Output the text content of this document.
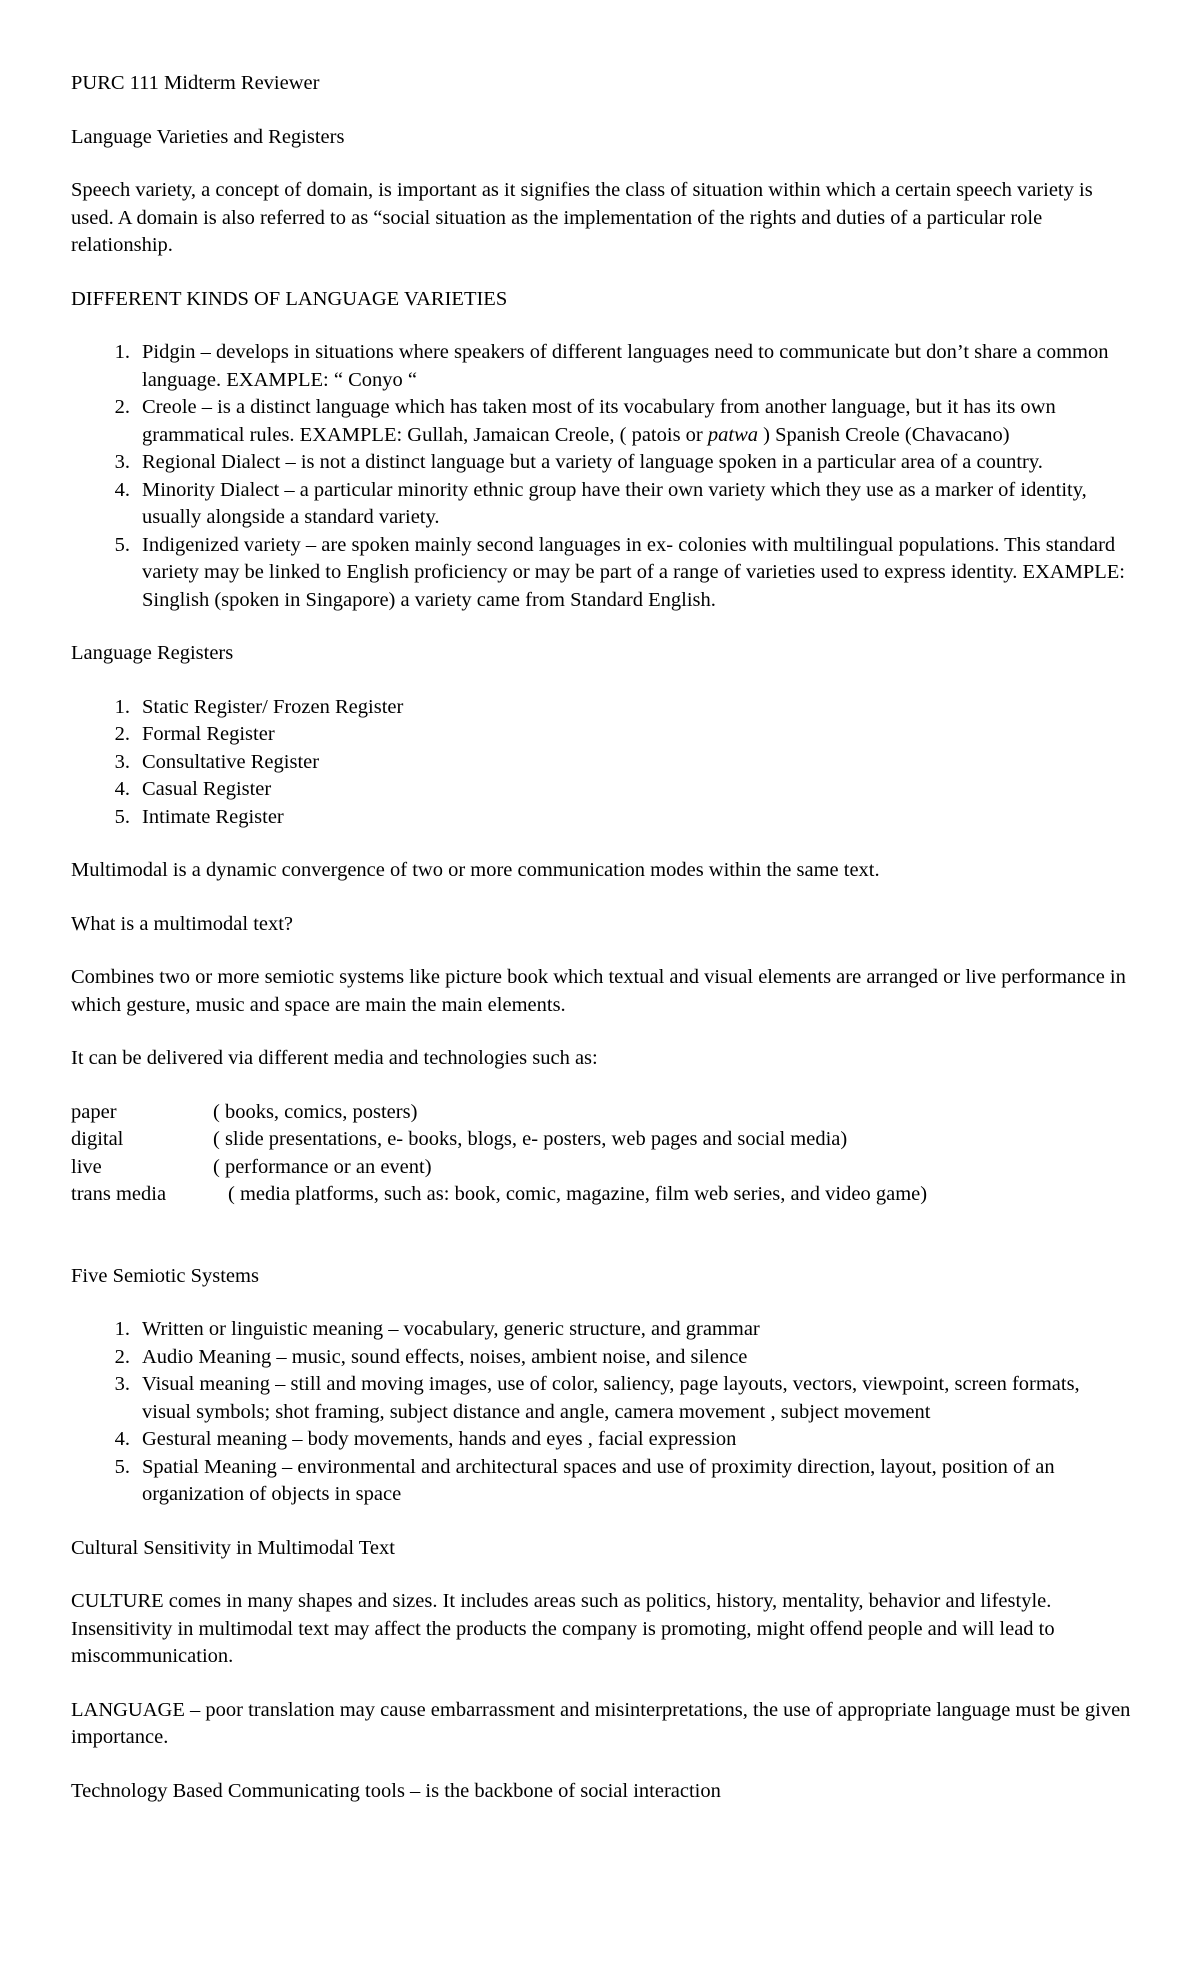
PURC 111 Midterm Reviewer

Language Varieties and Registers

Speech variety, a concept of domain, is important as it signifies the class of situation within which a certain speech variety is used. A domain is also referred to as “social situation as the implementation of the rights and duties of a particular role relationship.

DIFFERENT KINDS OF LANGUAGE VARIETIES

1. Pidgin – develops in situations where speakers of different languages need to communicate but don’t share a common language. EXAMPLE: “ Conyo “
2. Creole – is a distinct language which has taken most of its vocabulary from another language, but it has its own grammatical rules. EXAMPLE: Gullah, Jamaican Creole, ( patois or patwa ) Spanish Creole (Chavacano)
3. Regional Dialect – is not a distinct language but a variety of language spoken in a particular area of a country.
4. Minority Dialect – a particular minority ethnic group have their own variety which they use as a marker of identity, usually alongside a standard variety.
5. Indigenized variety – are spoken mainly second languages in ex- colonies with multilingual populations. This standard variety may be linked to English proficiency or may be part of a range of varieties used to express identity. EXAMPLE: Singlish (spoken in Singapore) a variety came from Standard English.

Language Registers

1. Static Register/ Frozen Register
2. Formal Register
3. Consultative Register
4. Casual Register
5. Intimate Register

Multimodal is a dynamic convergence of two or more communication modes within the same text.

What is a multimodal text?

Combines two or more semiotic systems like picture book which textual and visual elements are arranged or live performance in which gesture, music and space are main the main elements.

It can be delivered via different media and technologies such as:

paper	( books, comics, posters)
digital	( slide presentations, e- books, blogs, e- posters, web pages and social media)
live	( performance or an event)
trans media	( media platforms, such as: book, comic, magazine, film web series, and video game)

Five Semiotic Systems

1. Written or linguistic meaning – vocabulary, generic structure, and grammar
2. Audio Meaning – music, sound effects, noises, ambient noise, and silence
3. Visual meaning – still and moving images, use of color, saliency, page layouts, vectors, viewpoint, screen formats, visual symbols; shot framing, subject distance and angle, camera movement , subject movement
4. Gestural meaning – body movements, hands and eyes , facial expression
5. Spatial Meaning – environmental and architectural spaces and use of proximity direction, layout, position of an organization of objects in space

Cultural Sensitivity in Multimodal Text

CULTURE comes in many shapes and sizes. It includes areas such as politics, history, mentality, behavior and lifestyle. Insensitivity in multimodal text may affect the products the company is promoting, might offend people and will lead to miscommunication.

LANGUAGE – poor translation may cause embarrassment and misinterpretations, the use of appropriate language must be given importance.

Technology Based Communicating tools – is the backbone of social interaction
